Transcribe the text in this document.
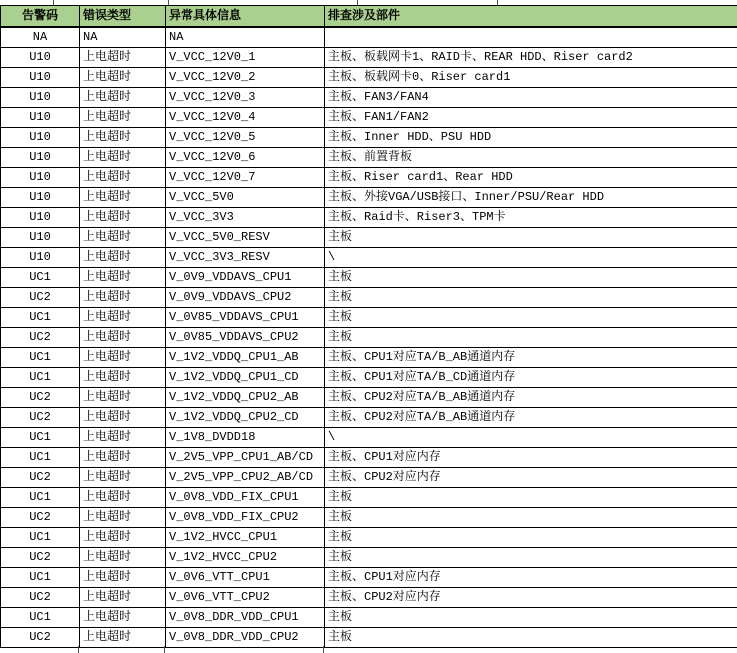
告警码	错误类型	异常具体信息	排查涉及部件
NA	NA	NA	
U10	上电超时	V_VCC_12V0_1	主板、板载网卡1、RAID卡、REAR HDD、Riser card2
U10	上电超时	V_VCC_12V0_2	主板、板载网卡0、Riser card1
U10	上电超时	V_VCC_12V0_3	主板、FAN3/FAN4
U10	上电超时	V_VCC_12V0_4	主板、FAN1/FAN2
U10	上电超时	V_VCC_12V0_5	主板、Inner HDD、PSU HDD
U10	上电超时	V_VCC_12V0_6	主板、前置背板
U10	上电超时	V_VCC_12V0_7	主板、Riser card1、Rear HDD
U10	上电超时	V_VCC_5V0	主板、外接VGA/USB接口、Inner/PSU/Rear HDD
U10	上电超时	V_VCC_3V3	主板、Raid卡、Riser3、TPM卡
U10	上电超时	V_VCC_5V0_RESV	主板
U10	上电超时	V_VCC_3V3_RESV	\
UC1	上电超时	V_0V9_VDDAVS_CPU1	主板
UC2	上电超时	V_0V9_VDDAVS_CPU2	主板
UC1	上电超时	V_0V85_VDDAVS_CPU1	主板
UC2	上电超时	V_0V85_VDDAVS_CPU2	主板
UC1	上电超时	V_1V2_VDDQ_CPU1_AB	主板、CPU1对应TA/B_AB通道内存
UC1	上电超时	V_1V2_VDDQ_CPU1_CD	主板、CPU1对应TA/B_CD通道内存
UC2	上电超时	V_1V2_VDDQ_CPU2_AB	主板、CPU2对应TA/B_AB通道内存
UC2	上电超时	V_1V2_VDDQ_CPU2_CD	主板、CPU2对应TA/B_AB通道内存
UC1	上电超时	V_1V8_DVDD18	\
UC1	上电超时	V_2V5_VPP_CPU1_AB/CD	主板、CPU1对应内存
UC2	上电超时	V_2V5_VPP_CPU2_AB/CD	主板、CPU2对应内存
UC1	上电超时	V_0V8_VDD_FIX_CPU1	主板
UC2	上电超时	V_0V8_VDD_FIX_CPU2	主板
UC1	上电超时	V_1V2_HVCC_CPU1	主板
UC2	上电超时	V_1V2_HVCC_CPU2	主板
UC1	上电超时	V_0V6_VTT_CPU1	主板、CPU1对应内存
UC2	上电超时	V_0V6_VTT_CPU2	主板、CPU2对应内存
UC1	上电超时	V_0V8_DDR_VDD_CPU1	主板
UC2	上电超时	V_0V8_DDR_VDD_CPU2	主板
